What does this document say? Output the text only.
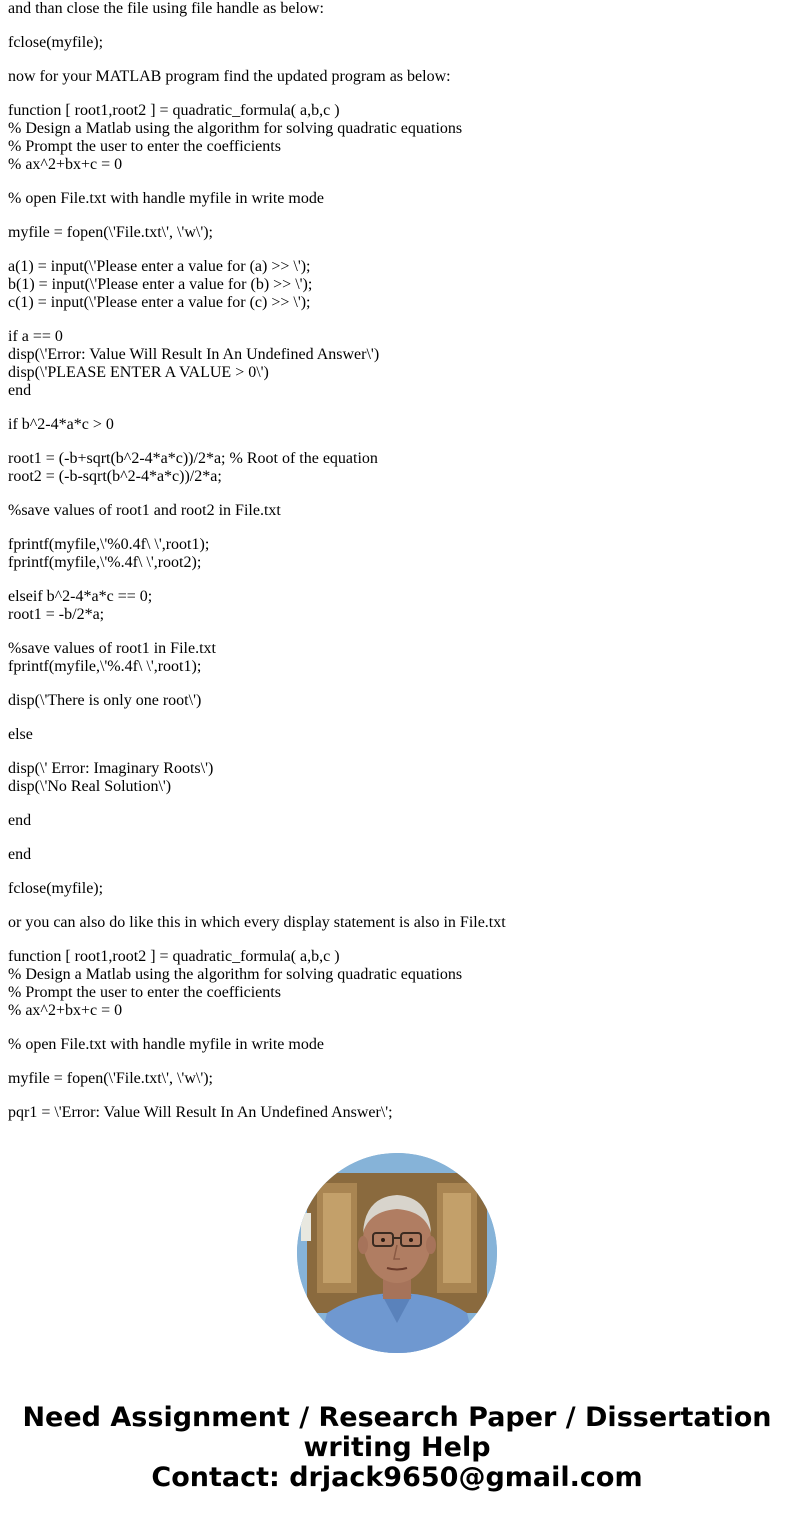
and than close the file using file handle as below:
fclose(myfile);
now for your MATLAB program find the updated program as below:
function [ root1,root2 ] = quadratic_formula( a,b,c )
% Design a Matlab using the algorithm for solving quadratic equations
% Prompt the user to enter the coefficients
% ax^2+bx+c = 0
% open File.txt with handle myfile in write mode
myfile = fopen(\'File.txt\', \'w\');
a(1) = input(\'Please enter a value for (a) >> \');
b(1) = input(\'Please enter a value for (b) >> \');
c(1) = input(\'Please enter a value for (c) >> \');
if a == 0
disp(\'Error: Value Will Result In An Undefined Answer\')
disp(\'PLEASE ENTER A VALUE > 0\')
end
if b^2-4*a*c > 0
root1 = (-b+sqrt(b^2-4*a*c))/2*a; % Root of the equation
root2 = (-b-sqrt(b^2-4*a*c))/2*a;
%save values of root1 and root2 in File.txt
fprintf(myfile,\'%0.4f\ \',root1);
fprintf(myfile,\'%.4f\ \',root2);
elseif b^2-4*a*c == 0;
root1 = -b/2*a;
%save values of root1 in File.txt
fprintf(myfile,\'%.4f\ \',root1);
disp(\'There is only one root\')
else
disp(\' Error: Imaginary Roots\')
disp(\'No Real Solution\')
end
end
fclose(myfile);
or you can also do like this in which every display statement is also in File.txt
function [ root1,root2 ] = quadratic_formula( a,b,c )
% Design a Matlab using the algorithm for solving quadratic equations
% Prompt the user to enter the coefficients
% ax^2+bx+c = 0
% open File.txt with handle myfile in write mode
myfile = fopen(\'File.txt\', \'w\');
pqr1 = \'Error: Value Will Result In An Undefined Answer\';
Need Assignment / Research Paper / Dissertation
writing Help
Contact: drjack9650@gmail.com
